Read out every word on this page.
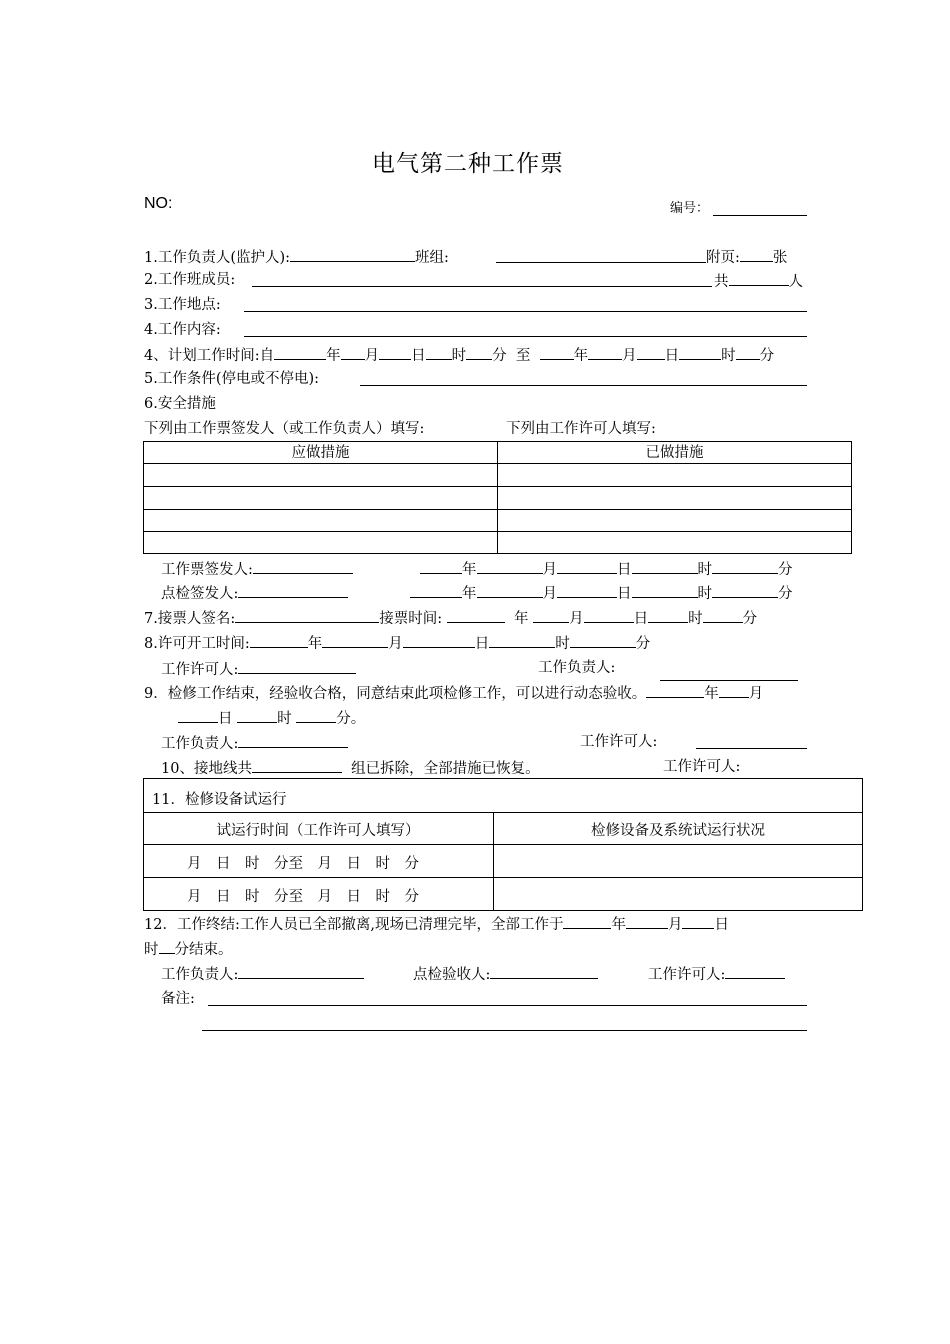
电气第二种工作票
NO:	编号：
1.工作负责人(监护人):	班组:	附页: 张
2.工作班成员:	共	人
3.工作地点:
4.工作内容:
4、计划工作时间:自	年 月 日 时 分 至	年 月 日	时 分
5.工作条件(停电或不停电):
6.安全措施
下列由工作票签发人（或工作负责人）填写:	下列由工作许可人填写:
应做措施	已做措施

工作票签发人:	年	月	日	时	分
点检签发人:	年	月	日	时	分
7.接票人签名:	接票时间:	年	月	日	时	分
8.许可开工时间:	年	月	日	时	分
工作许可人:	工作负责人:
9．检修工作结束，经验收合格，同意结束此项检修工作，可以进行动态验收。	年 月
日	时	分。
工作负责人:	工作许可人:
10、接地线共	组已拆除，全部措施已恢复。	工作许可人:
11．检修设备试运行
试运行时间（工作许可人填写）	检修设备及系统试运行状况
月　日　时　分至　月　日　时　分
月　日　时　分至　月　日　时　分
12．工作终结:工作人员已全部撤离,现场已清理完毕，全部工作于	年	月 日
时 分结束。
工作负责人:	点检验收人:	工作许可人:
备注:
